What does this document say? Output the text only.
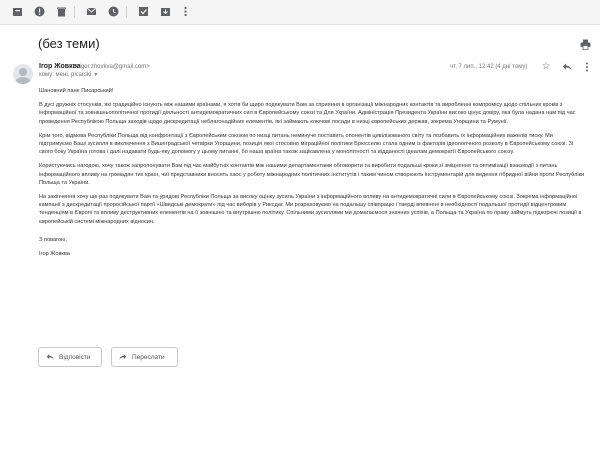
(без теми)
Ігор Жовква
<igor.zhovkva@gmail.com>
кому: мені, рісаrski ▼
чт, 7 лип., 12:42 (4 дні тому) ☆

Шановний пане Писарський!

В дусі дружніх стосунків, які традиційно існують між нашими країнами, я хотів би щиро подякувати Вам за сприяння в організації міжнародних контактів та виробленні компромісу щодо спільних кроків з інформаційної та зовнішньополітичної протидії діяльності антидемократичних сил в Європейському союзі та Для України. Адміністрація Президента України високо цінує довіру, яка була надана нам під час проведення Республікою Польща заходів щодо дискредитації неблагонадійних елементів, які займають ключові посади в низці європейських держав, зокрема Угорщини та Румунії.

Крім того, відмова Республіки Польща від конфронтації з Європейським союзом по низці питань неминуче поставить опонентів цивілізованого світу та позбавить їх інформаційних важелів тиску. Ми підтримуємо Ваші зусилля в виключення з Вишеградської четвірки Угорщини, позиція якої стосовно міграційної політики Брюсселю стала одним із факторів ідеологічного розколу в Європейському союзі. Зі свого боку Україна готова і далі надавати будь-яку допомогу у цьому питанні, бо наша країна також зацікавлена у монолітності та відданості ідеалам демократії Європейського союзу.

Користуючись нагодою, хочу також запропонувати Вам під час майбутніх контактів між нашими департаментами обговорити та виробити подальші кроки зі зміцнення та оптимізації взаємодії з питань інформаційного впливу на громадян тих країн, чиї представники вносять хаос у роботу міжнародних політичних інститутів і таким чином створюють інструментарій для ведення гібридної війни проти Республіки Польща та України.

На закінчення хочу ще раз подякувати Вам та урядові Республіки Польща за високу оцінку зусиль України з інформаційного впливу на антидемократичні сили в Європейському союзі. Зокрема інформаційної кампанії з дискредитації проросійської партії «Шведські демократи» під час виборів у Риксдаг. Ми розраховуємо на подальшу співпрацю і тверді впевнені в необхідності подальшої протидії відцентровим тенденціям в Європі та впливу деструктивних елементів на її зовнішню та внутрішню політику. Спільними зусиллями ми домагаємося значних успіхів, а Польща та Україна по праву займуть підкорючі позиції в європейській системі міжнародних відносин.

З повагою,

Ігор Жовква

Відповісти	Переслати
